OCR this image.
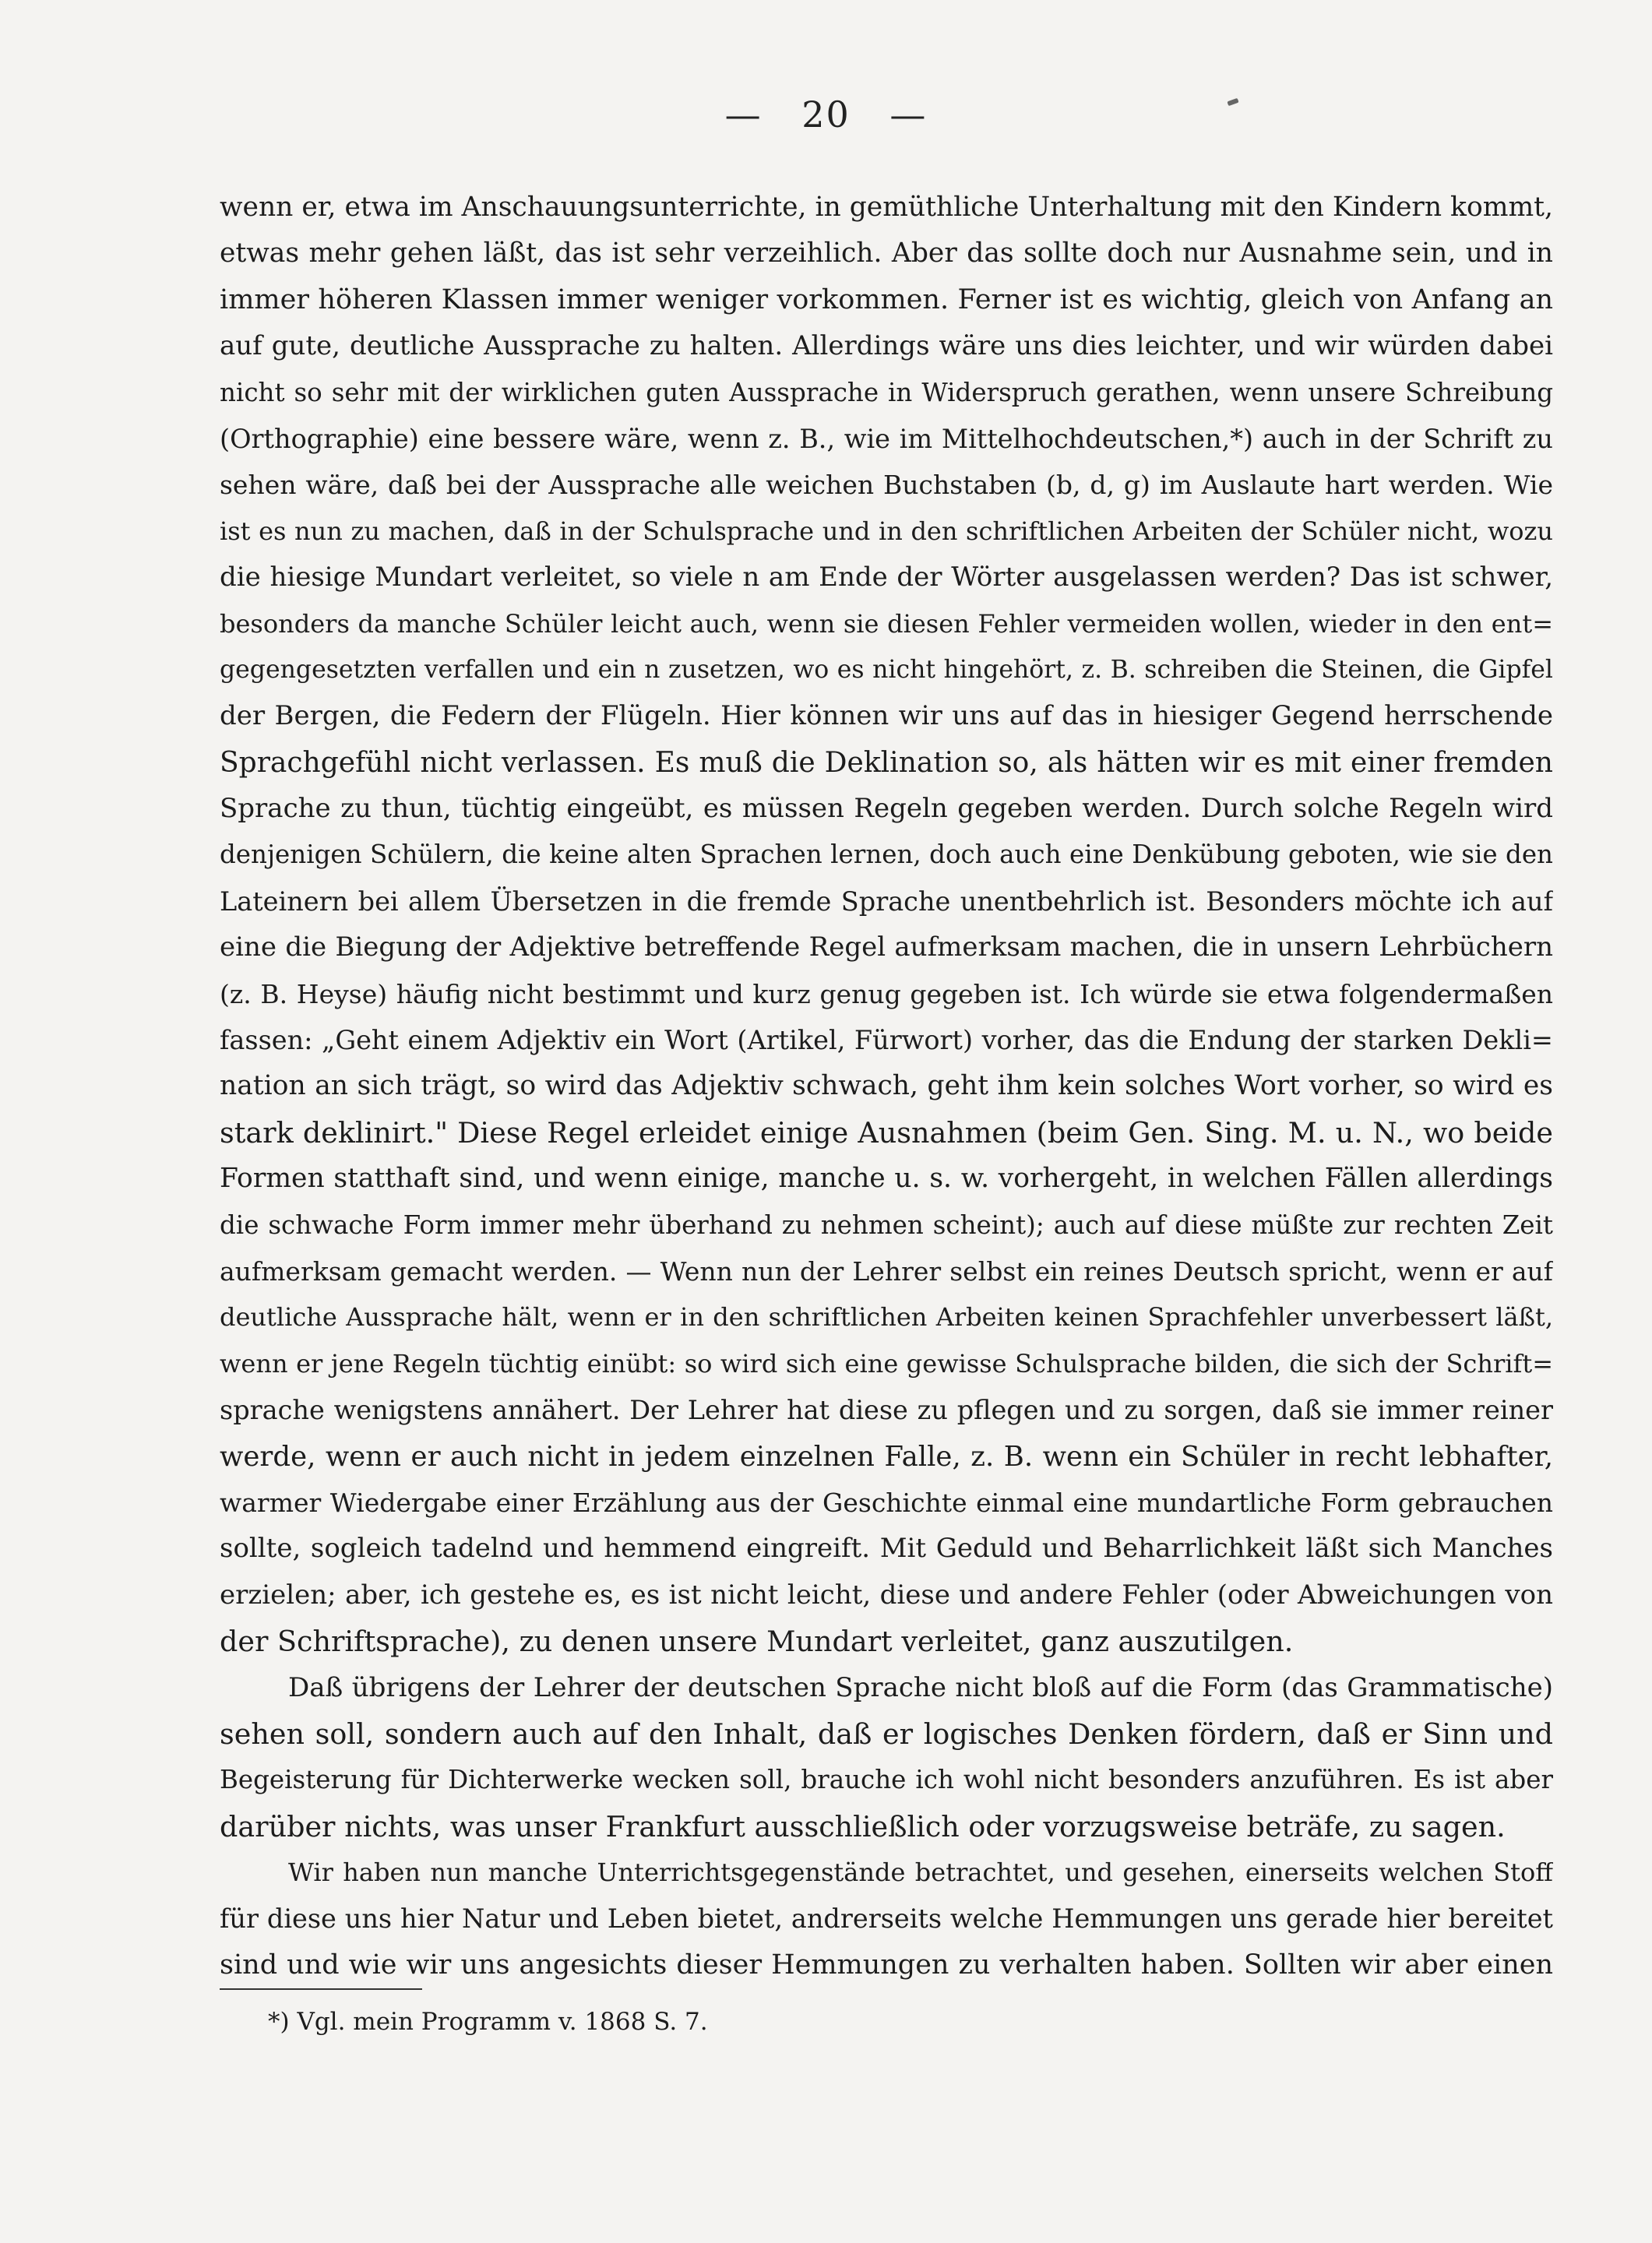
— 20 —
wenn er, etwa im Anschauungsunterrichte, in gemüthliche Unterhaltung mit den Kindern kommt,
etwas mehr gehen läßt, das ist sehr verzeihlich. Aber das sollte doch nur Ausnahme sein, und in
immer höheren Klassen immer weniger vorkommen. Ferner ist es wichtig, gleich von Anfang an
auf gute, deutliche Aussprache zu halten. Allerdings wäre uns dies leichter, und wir würden dabei
nicht so sehr mit der wirklichen guten Aussprache in Widerspruch gerathen, wenn unsere Schreibung
(Orthographie) eine bessere wäre, wenn z. B., wie im Mittelhochdeutschen,*) auch in der Schrift zu
sehen wäre, daß bei der Aussprache alle weichen Buchstaben (b, d, g) im Auslaute hart werden. Wie
ist es nun zu machen, daß in der Schulsprache und in den schriftlichen Arbeiten der Schüler nicht, wozu
die hiesige Mundart verleitet, so viele n am Ende der Wörter ausgelassen werden? Das ist schwer,
besonders da manche Schüler leicht auch, wenn sie diesen Fehler vermeiden wollen, wieder in den ent=
gegengesetzten verfallen und ein n zusetzen, wo es nicht hingehört, z. B. schreiben die Steinen, die Gipfel
der Bergen, die Federn der Flügeln. Hier können wir uns auf das in hiesiger Gegend herrschende
Sprachgefühl nicht verlassen. Es muß die Deklination so, als hätten wir es mit einer fremden
Sprache zu thun, tüchtig eingeübt, es müssen Regeln gegeben werden. Durch solche Regeln wird
denjenigen Schülern, die keine alten Sprachen lernen, doch auch eine Denkübung geboten, wie sie den
Lateinern bei allem Übersetzen in die fremde Sprache unentbehrlich ist. Besonders möchte ich auf
eine die Biegung der Adjektive betreffende Regel aufmerksam machen, die in unsern Lehrbüchern
(z. B. Heyse) häufig nicht bestimmt und kurz genug gegeben ist. Ich würde sie etwa folgendermaßen
fassen: „Geht einem Adjektiv ein Wort (Artikel, Fürwort) vorher, das die Endung der starken Dekli=
nation an sich trägt, so wird das Adjektiv schwach, geht ihm kein solches Wort vorher, so wird es
stark deklinirt." Diese Regel erleidet einige Ausnahmen (beim Gen. Sing. M. u. N., wo beide
Formen statthaft sind, und wenn einige, manche u. s. w. vorhergeht, in welchen Fällen allerdings
die schwache Form immer mehr überhand zu nehmen scheint); auch auf diese müßte zur rechten Zeit
aufmerksam gemacht werden. — Wenn nun der Lehrer selbst ein reines Deutsch spricht, wenn er auf
deutliche Aussprache hält, wenn er in den schriftlichen Arbeiten keinen Sprachfehler unverbessert läßt,
wenn er jene Regeln tüchtig einübt: so wird sich eine gewisse Schulsprache bilden, die sich der Schrift=
sprache wenigstens annähert. Der Lehrer hat diese zu pflegen und zu sorgen, daß sie immer reiner
werde, wenn er auch nicht in jedem einzelnen Falle, z. B. wenn ein Schüler in recht lebhafter,
warmer Wiedergabe einer Erzählung aus der Geschichte einmal eine mundartliche Form gebrauchen
sollte, sogleich tadelnd und hemmend eingreift. Mit Geduld und Beharrlichkeit läßt sich Manches
erzielen; aber, ich gestehe es, es ist nicht leicht, diese und andere Fehler (oder Abweichungen von
der Schriftsprache), zu denen unsere Mundart verleitet, ganz auszutilgen.
Daß übrigens der Lehrer der deutschen Sprache nicht bloß auf die Form (das Grammatische)
sehen soll, sondern auch auf den Inhalt, daß er logisches Denken fördern, daß er Sinn und
Begeisterung für Dichterwerke wecken soll, brauche ich wohl nicht besonders anzuführen. Es ist aber
darüber nichts, was unser Frankfurt ausschließlich oder vorzugsweise beträfe, zu sagen.
Wir haben nun manche Unterrichtsgegenstände betrachtet, und gesehen, einerseits welchen Stoff
für diese uns hier Natur und Leben bietet, andrerseits welche Hemmungen uns gerade hier bereitet
sind und wie wir uns angesichts dieser Hemmungen zu verhalten haben. Sollten wir aber einen
*) Vgl. mein Programm v. 1868 S. 7.
